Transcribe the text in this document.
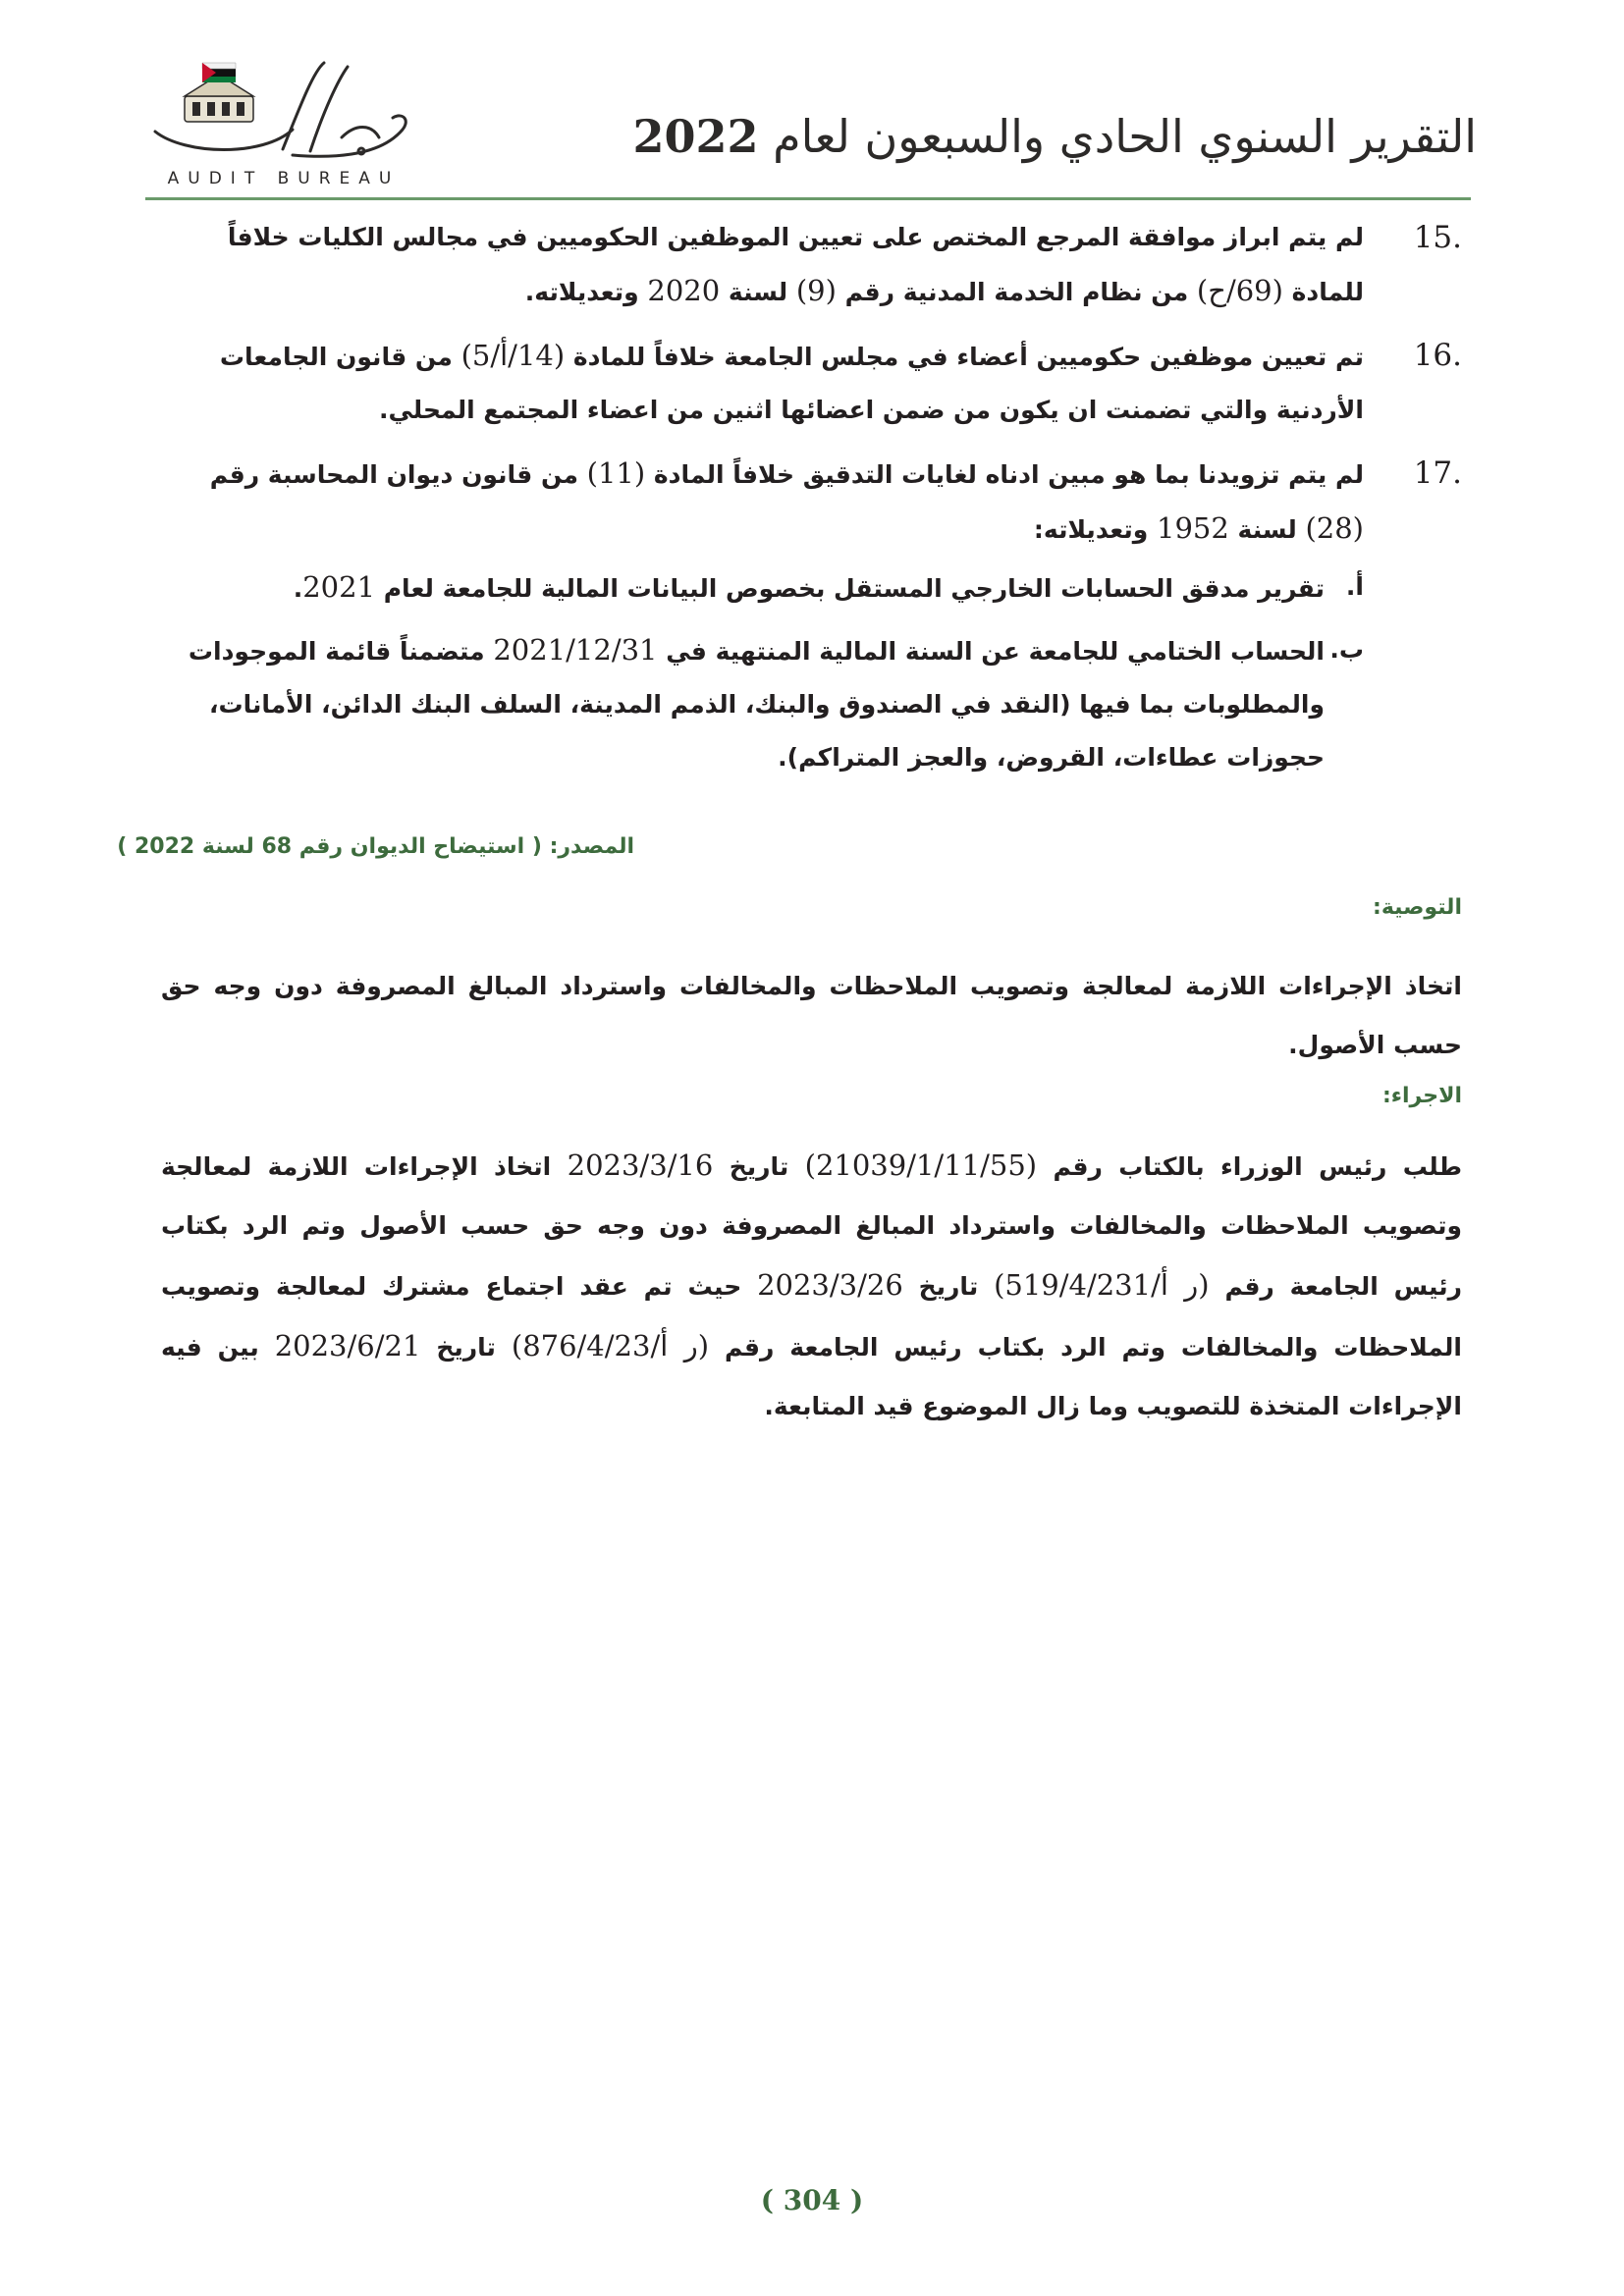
التقرير السنوي الحادي والسبعون لعام 2022
AUDIT BUREAU
15.

لم يتم ابراز موافقة المرجع المختص على تعيين الموظفين الحكوميين في مجالس الكليات خلافاً للمادة (69/ح) من نظام الخدمة المدنية رقم (9) لسنة 2020 وتعديلاته.

16.

تم تعيين موظفين حكوميين أعضاء في مجلس الجامعة خلافاً للمادة (14/أ/5) من قانون الجامعات الأردنية والتي تضمنت ان يكون من ضمن اعضائها اثنين من اعضاء المجتمع المحلي.

17.

لم يتم تزويدنا بما هو مبين ادناه لغايات التدقيق خلافاً المادة (11) من قانون ديوان المحاسبة رقم (28) لسنة 1952 وتعديلاته:

أ.

تقرير مدقق الحسابات الخارجي المستقل بخصوص البيانات المالية للجامعة لعام 2021.

ب.

الحساب الختامي للجامعة عن السنة المالية المنتهية في 2021/12/31 متضمناً قائمة الموجودات والمطلوبات بما فيها (النقد في الصندوق والبنك، الذمم المدينة، السلف البنك الدائن، الأمانات، حجوزات عطاءات، القروض، والعجز المتراكم).

المصدر: ( استيضاح الديوان رقم 68 لسنة 2022 )

التوصية:

اتخاذ الإجراءات اللازمة لمعالجة وتصويب الملاحظات والمخالفات واسترداد المبالغ المصروفة دون وجه حق حسب الأصول.

الاجراء:

طلب رئيس الوزراء بالكتاب رقم (21039/1/11/55) تاريخ 2023/3/16 اتخاذ الإجراءات اللازمة لمعالجة وتصويب الملاحظات والمخالفات واسترداد المبالغ المصروفة دون وجه حق حسب الأصول وتم الرد بكتاب رئيس الجامعة رقم (ر أ/519/4/231) تاريخ 2023/3/26 حيث تم عقد اجتماع مشترك لمعالجة وتصويب الملاحظات والمخالفات وتم الرد بكتاب رئيس الجامعة رقم (ر أ/876/4/23) تاريخ 2023/6/21 بين فيه الإجراءات المتخذة للتصويب وما زال الموضوع قيد المتابعة.

( 304 )
